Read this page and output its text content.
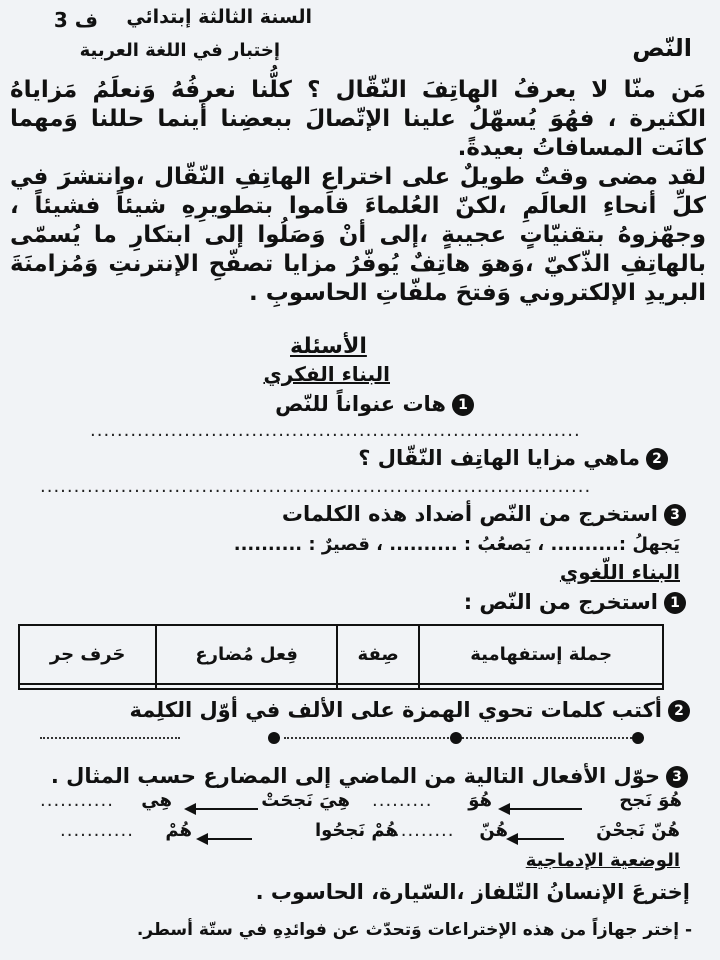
السنة الثالثة إبتدائي
ف 3
إختبار في اللغة العربية	النّص

مَن منّا لا يعرفُ الهاتِفَ النّقّال ؟ كلُّنا نعرفُهُ وَنعلَمُ مَزاياهُ الكثيرة ، فهُوَ يُسهّلُ علينا الإتّصالَ ببعضِنا أينما حللنا وَمهما كانَت المسافاتُ بعيدةً.

لقد مضى وقتٌ طويلٌ على اختراعِ الهاتِفِ النّقّال ،وانتشرَ في كلِّ أنحاءِ العالَمِ ،لكنّ العُلماءَ قاموا بتطويرِهِ شيئاً فشيئاً ، وجهّزوهُ بتقنيّاتٍ عجيبةٍ ،إلى أنْ وَصَلُوا إلى ابتكارِ ما يُسمّى بالهاتِفِ الذّكيّ ،وَهوَ هاتِفٌ يُوفّرُ مزايا تصفّحِ الإنترنتِ وَمُزامنَةَ البريدِ الإلكتروني وَفتحَ ملفّاتِ الحاسوبِ .

الأسئلة
البناء الفكري
1هات عنواناً للنّص
.........................................................................
2ماهي مزايا الهاتِف النّقّال ؟
..................................................................................
3استخرج من النّص أضداد هذه الكلمات
يَجهلُ :.......... ، يَصعُبُ : .......... ، قصيرٌ : ..........
البناء اللّغوي
1استخرج من النّص :
جملة إستفهامية	صِفة	فِعل مُضارع	حَرف جر

2أكتب كلمات تحوي الهمزة على الألف في أوّل الكلِمة
3حوّل الأفعال التالية من الماضي إلى المضارع حسب المثال .
هُوَ نَجح
هُوَ
.........
هِيَ نَجحَتْ
هِي
...........
هُنّ نَجحْنَ
هُنّ
.........
هُمْ نَجحُوا
هُمْ
...........
الوضعية الإدماجية
إخترعَ الإنسانُ التّلفاز ،السّيارة، الحاسوب .
- إختر جهازاً من هذه الإختراعات وَتحدّث عن فوائدِهِ في ستّة أسطر.
